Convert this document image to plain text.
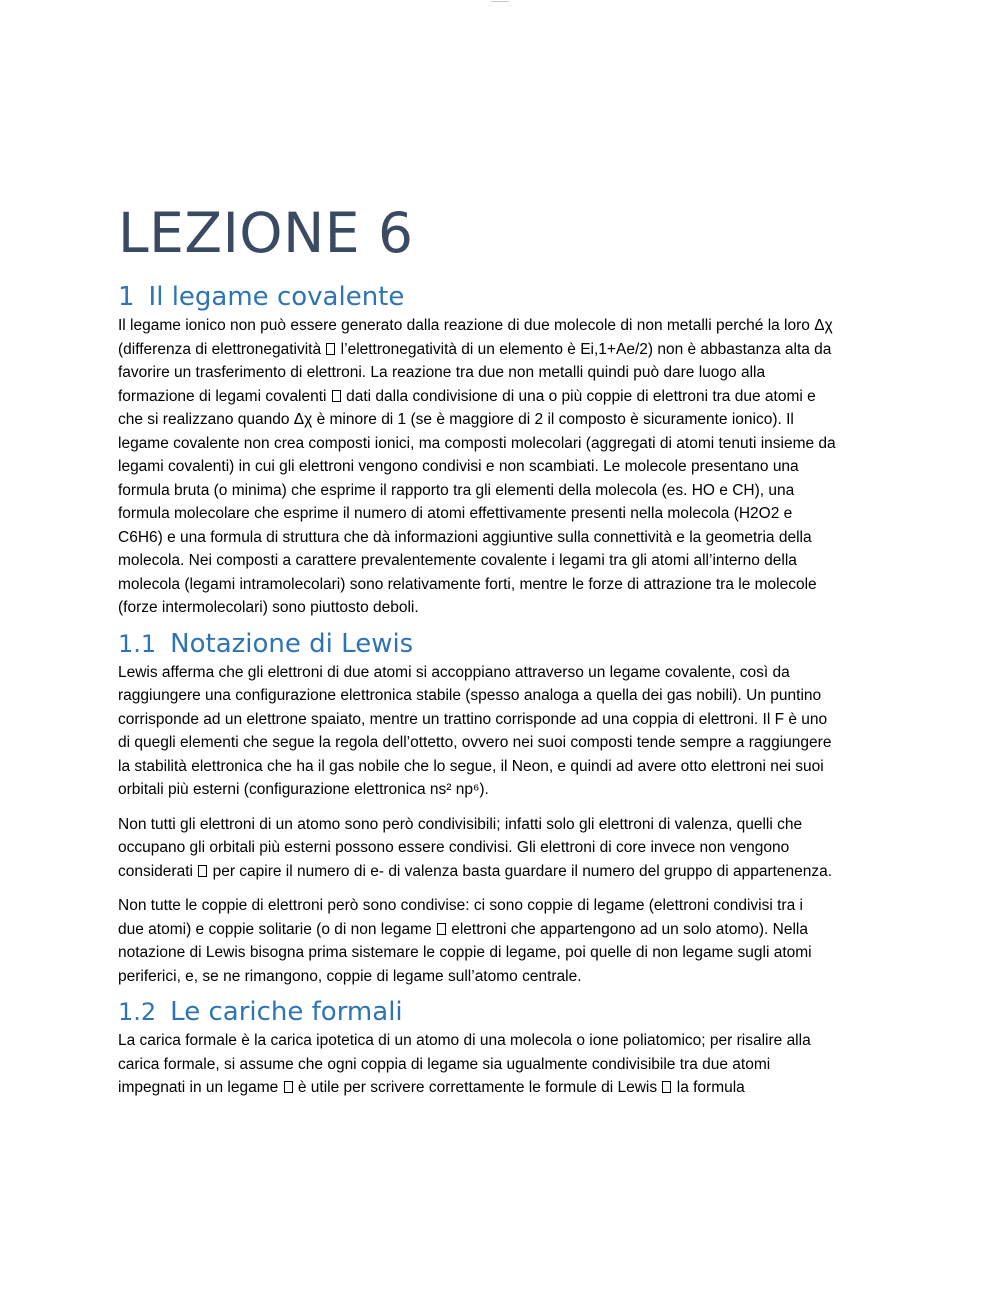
LEZIONE 6
1 Il legame covalente

Il legame ionico non può essere generato dalla reazione di due molecole di non metalli perché la loro Δχ
(differenza di elettronegatività  l’elettronegatività di un elemento è Ei,1+Ae/2) non è abbastanza alta da
favorire un trasferimento di elettroni. La reazione tra due non metalli quindi può dare luogo alla
formazione di legami covalenti  dati dalla condivisione di una o più coppie di elettroni tra due atomi e
che si realizzano quando Δχ è minore di 1 (se è maggiore di 2 il composto è sicuramente ionico). Il
legame covalente non crea composti ionici, ma composti molecolari (aggregati di atomi tenuti insieme da
legami covalenti) in cui gli elettroni vengono condivisi e non scambiati. Le molecole presentano una
formula bruta (o minima) che esprime il rapporto tra gli elementi della molecola (es. HO e CH), una
formula molecolare che esprime il numero di atomi effettivamente presenti nella molecola (H2O2 e
C6H6) e una formula di struttura che dà informazioni aggiuntive sulla connettività e la geometria della
molecola. Nei composti a carattere prevalentemente covalente i legami tra gli atomi all’interno della
molecola (legami intramolecolari) sono relativamente forti, mentre le forze di attrazione tra le molecole
(forze intermolecolari) sono piuttosto deboli.

1.1 Notazione di Lewis

Lewis afferma che gli elettroni di due atomi si accoppiano attraverso un legame covalente, così da
raggiungere una configurazione elettronica stabile (spesso analoga a quella dei gas nobili). Un puntino
corrisponde ad un elettrone spaiato, mentre un trattino corrisponde ad una coppia di elettroni. Il F è uno
di quegli elementi che segue la regola dell’ottetto, ovvero nei suoi composti tende sempre a raggiungere
la stabilità elettronica che ha il gas nobile che lo segue, il Neon, e quindi ad avere otto elettroni nei suoi
orbitali più esterni (configurazione elettronica ns² np⁶).

Non tutti gli elettroni di un atomo sono però condivisibili; infatti solo gli elettroni di valenza, quelli che
occupano gli orbitali più esterni possono essere condivisi. Gli elettroni di core invece non vengono
considerati  per capire il numero di e- di valenza basta guardare il numero del gruppo di appartenenza.

Non tutte le coppie di elettroni però sono condivise: ci sono coppie di legame (elettroni condivisi tra i
due atomi) e coppie solitarie (o di non legame  elettroni che appartengono ad un solo atomo). Nella
notazione di Lewis bisogna prima sistemare le coppie di legame, poi quelle di non legame sugli atomi
periferici, e, se ne rimangono, coppie di legame sull’atomo centrale.

1.2 Le cariche formali

La carica formale è la carica ipotetica di un atomo di una molecola o ione poliatomico; per risalire alla
carica formale, si assume che ogni coppia di legame sia ugualmente condivisibile tra due atomi
impegnati in un legame  è utile per scrivere correttamente le formule di Lewis  la formula
